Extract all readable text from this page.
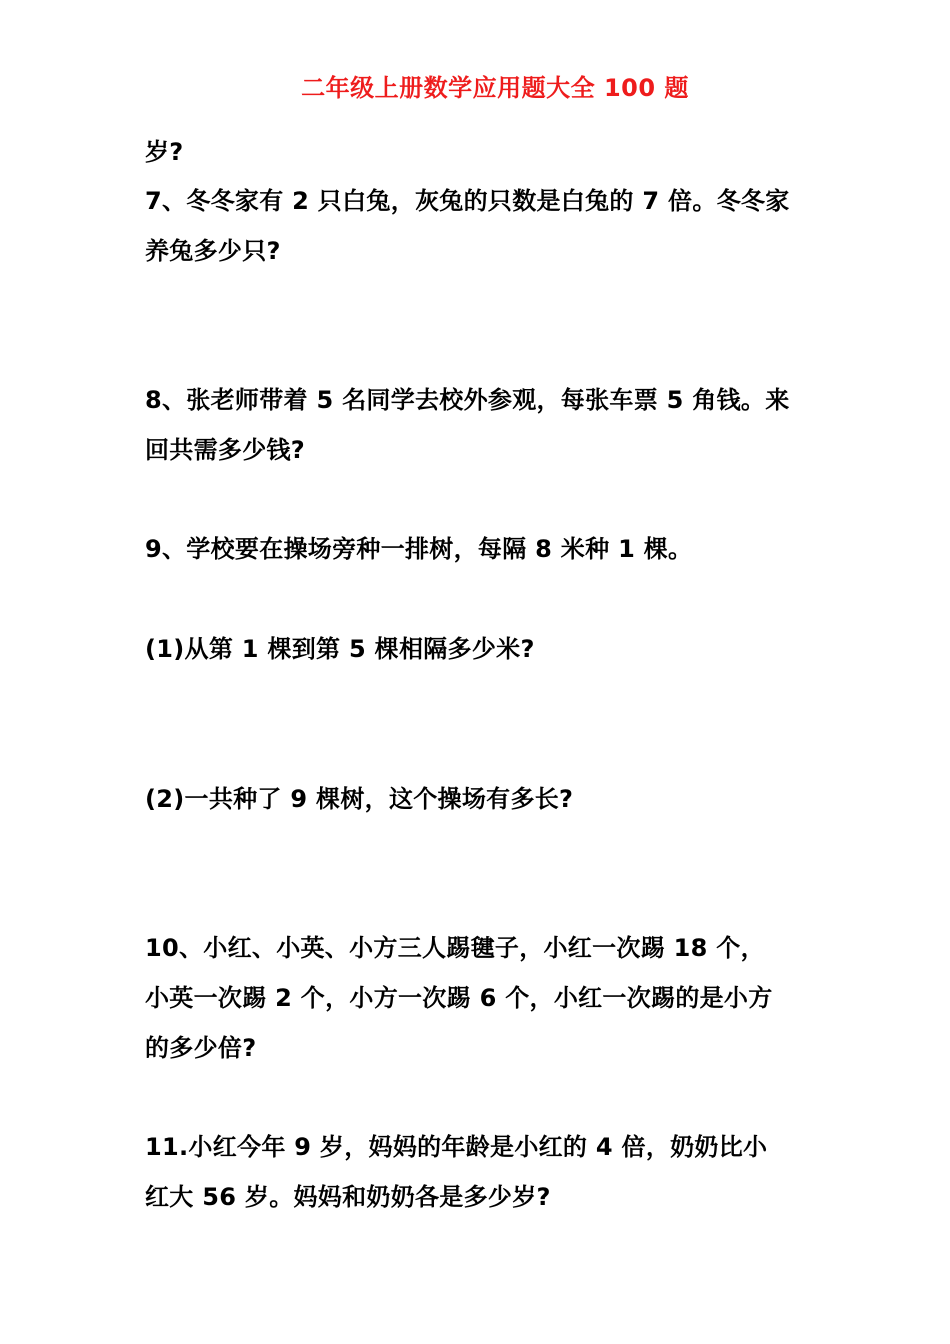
二年级上册数学应用题大全 100 题
岁?
7、冬冬家有 2 只白兔，灰兔的只数是白兔的 7 倍。冬冬家
养兔多少只?
8、张老师带着 5 名同学去校外参观，每张车票 5 角钱。来
回共需多少钱?
9、学校要在操场旁种一排树，每隔 8 米种 1 棵。
(1)从第 1 棵到第 5 棵相隔多少米?
(2)一共种了 9 棵树，这个操场有多长?
10、小红、小英、小方三人踢毽子，小红一次踢 18 个，
小英一次踢 2 个，小方一次踢 6 个，小红一次踢的是小方
的多少倍?
11.小红今年 9 岁，妈妈的年龄是小红的 4 倍，奶奶比小
红大 56 岁。妈妈和奶奶各是多少岁?
